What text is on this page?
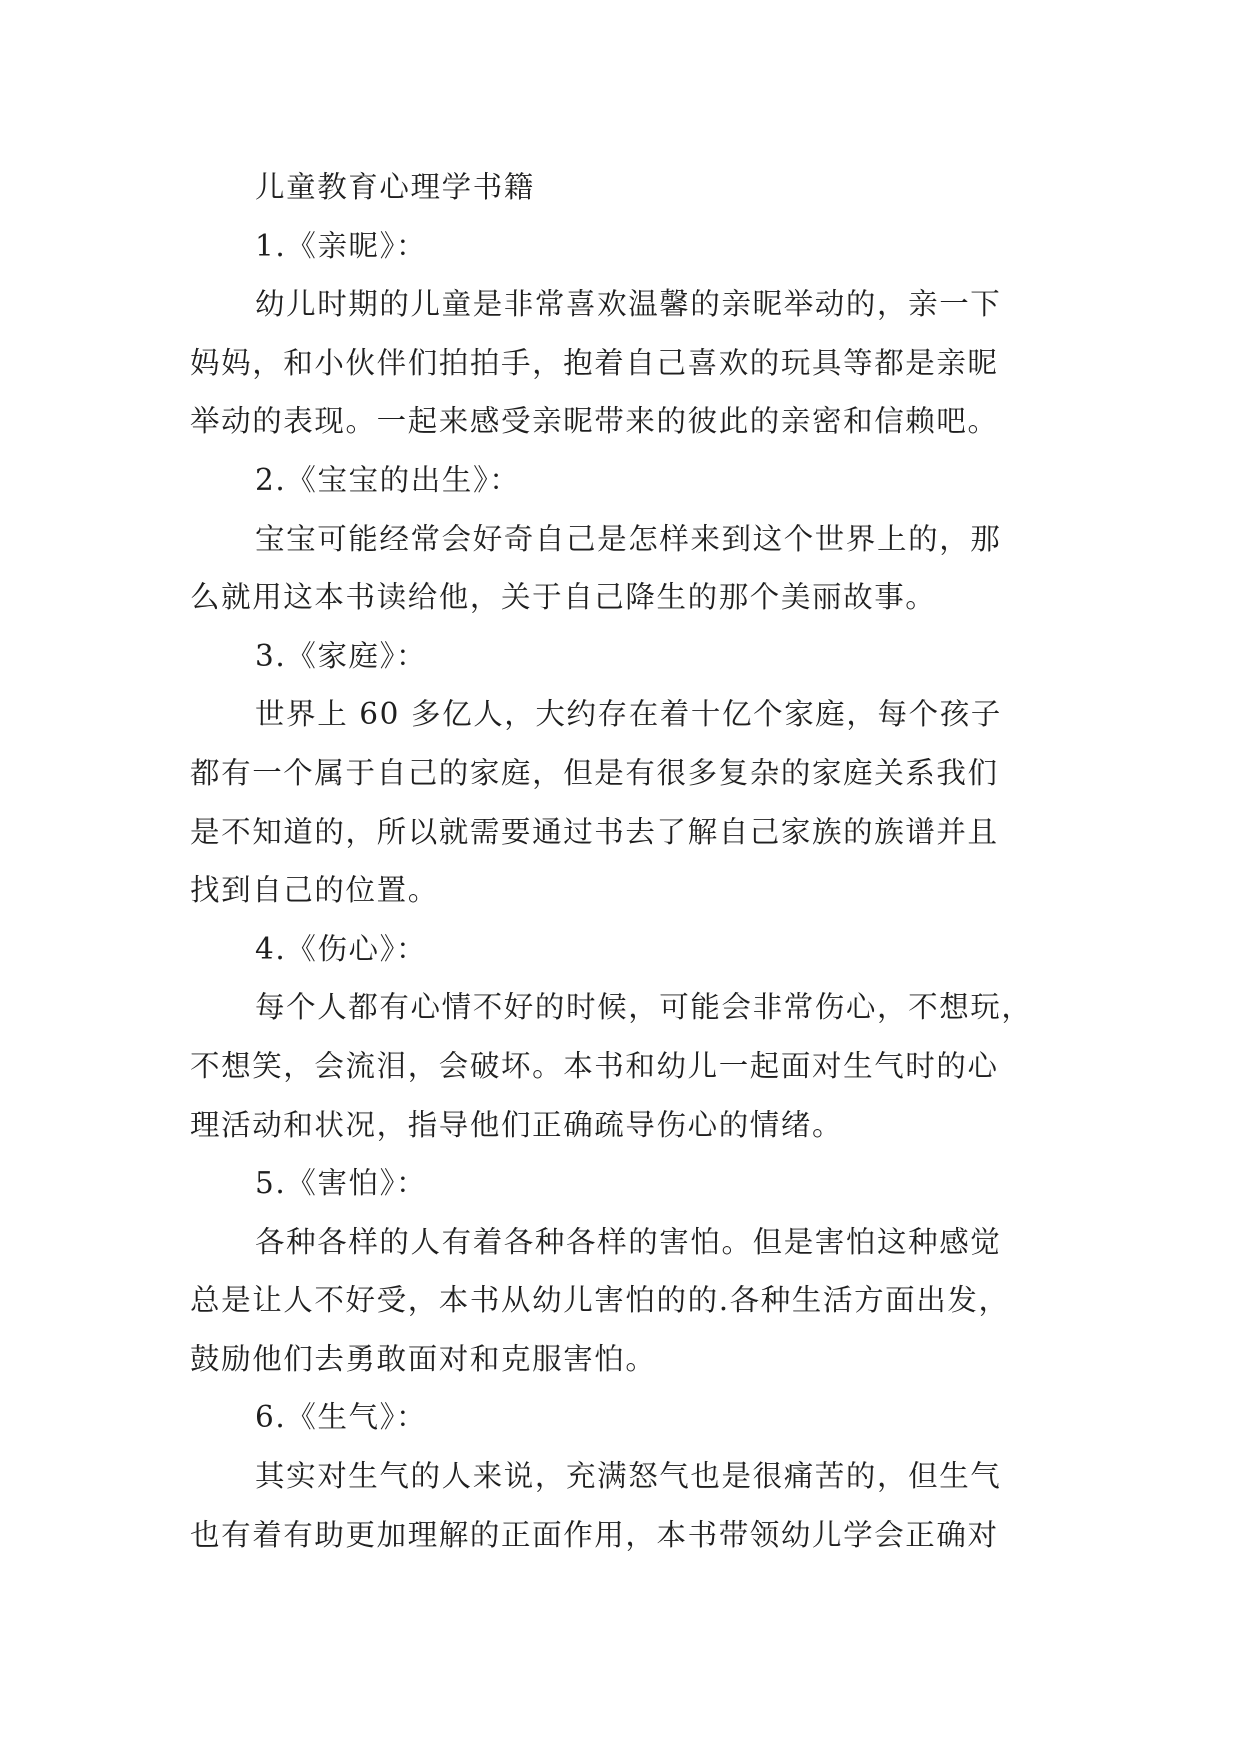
儿童教育心理学书籍
1.《亲昵》：
幼儿时期的儿童是非常喜欢温馨的亲昵举动的，亲一下
妈妈，和小伙伴们拍拍手，抱着自己喜欢的玩具等都是亲昵
举动的表现。一起来感受亲昵带来的彼此的亲密和信赖吧。
2.《宝宝的出生》：
宝宝可能经常会好奇自己是怎样来到这个世界上的，那
么就用这本书读给他，关于自己降生的那个美丽故事。
3.《家庭》：
世界上 60 多亿人，大约存在着十亿个家庭，每个孩子
都有一个属于自己的家庭，但是有很多复杂的家庭关系我们
是不知道的，所以就需要通过书去了解自己家族的族谱并且
找到自己的位置。
4.《伤心》：
每个人都有心情不好的时候，可能会非常伤心，不想玩，
不想笑，会流泪，会破坏。本书和幼儿一起面对生气时的心
理活动和状况，指导他们正确疏导伤心的情绪。
5.《害怕》：
各种各样的人有着各种各样的害怕。但是害怕这种感觉
总是让人不好受，本书从幼儿害怕的的.各种生活方面出发，
鼓励他们去勇敢面对和克服害怕。
6.《生气》：
其实对生气的人来说，充满怒气也是很痛苦的，但生气
也有着有助更加理解的正面作用，本书带领幼儿学会正确对
